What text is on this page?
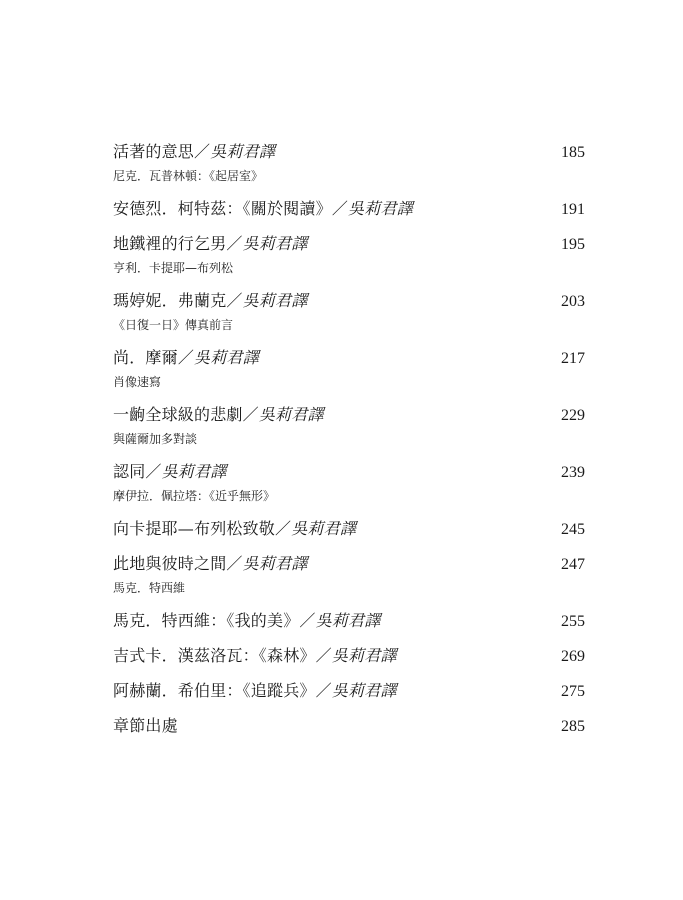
活著的意思／吳莉君譯	185
尼克．瓦普林頓：《起居室》
安德烈．柯特茲：《關於閱讀》／吳莉君譯	191
地鐵裡的行乞男／吳莉君譯	195
亨利．卡提耶—布列松
瑪婷妮．弗蘭克／吳莉君譯	203
《日復一日》傳真前言
尚．摩爾／吳莉君譯	217
肖像速寫
一齣全球級的悲劇／吳莉君譯	229
與薩爾加多對談
認同／吳莉君譯	239
摩伊拉．佩拉塔：《近乎無形》
向卡提耶—布列松致敬／吳莉君譯	245
此地與彼時之間／吳莉君譯	247
馬克．特西維
馬克．特西維：《我的美》／吳莉君譯	255
吉式卡．漢茲洛瓦：《森林》／吳莉君譯	269
阿赫蘭．希伯里：《追蹤兵》／吳莉君譯	275
章節出處	285
